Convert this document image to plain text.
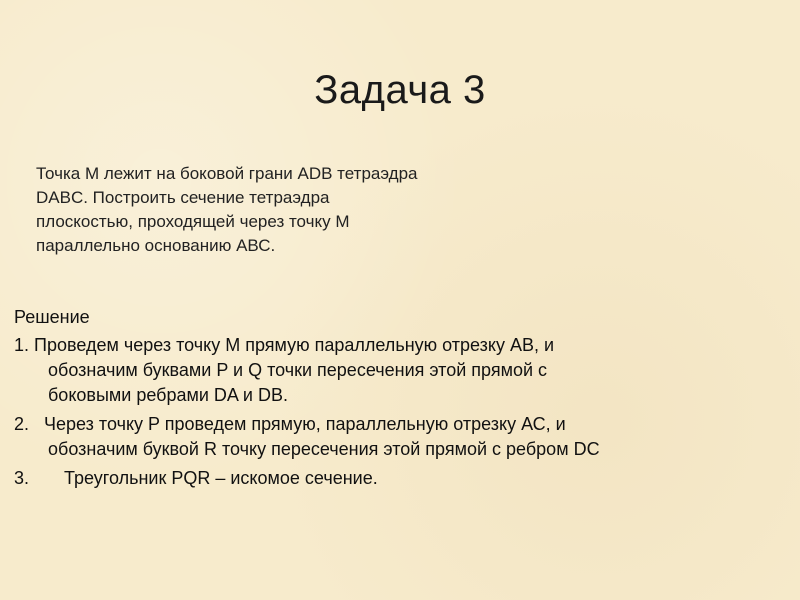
Задача 3
Точка М лежит на боковой грани ADB тетраэдра
DABC. Построить сечение тетраэдра
плоскостью, проходящей через точку М
параллельно основанию АВС.
Решение
1. Проведем через точку М прямую параллельную отрезку АВ, и
обозначим буквами P и Q точки пересечения этой прямой с
боковыми ребрами DA и DB.
2. Через точку P проведем прямую, параллельную отрезку АС, и
обозначим буквой R точку пересечения этой прямой с ребром DC
3. Треугольник PQR – искомое сечение.
